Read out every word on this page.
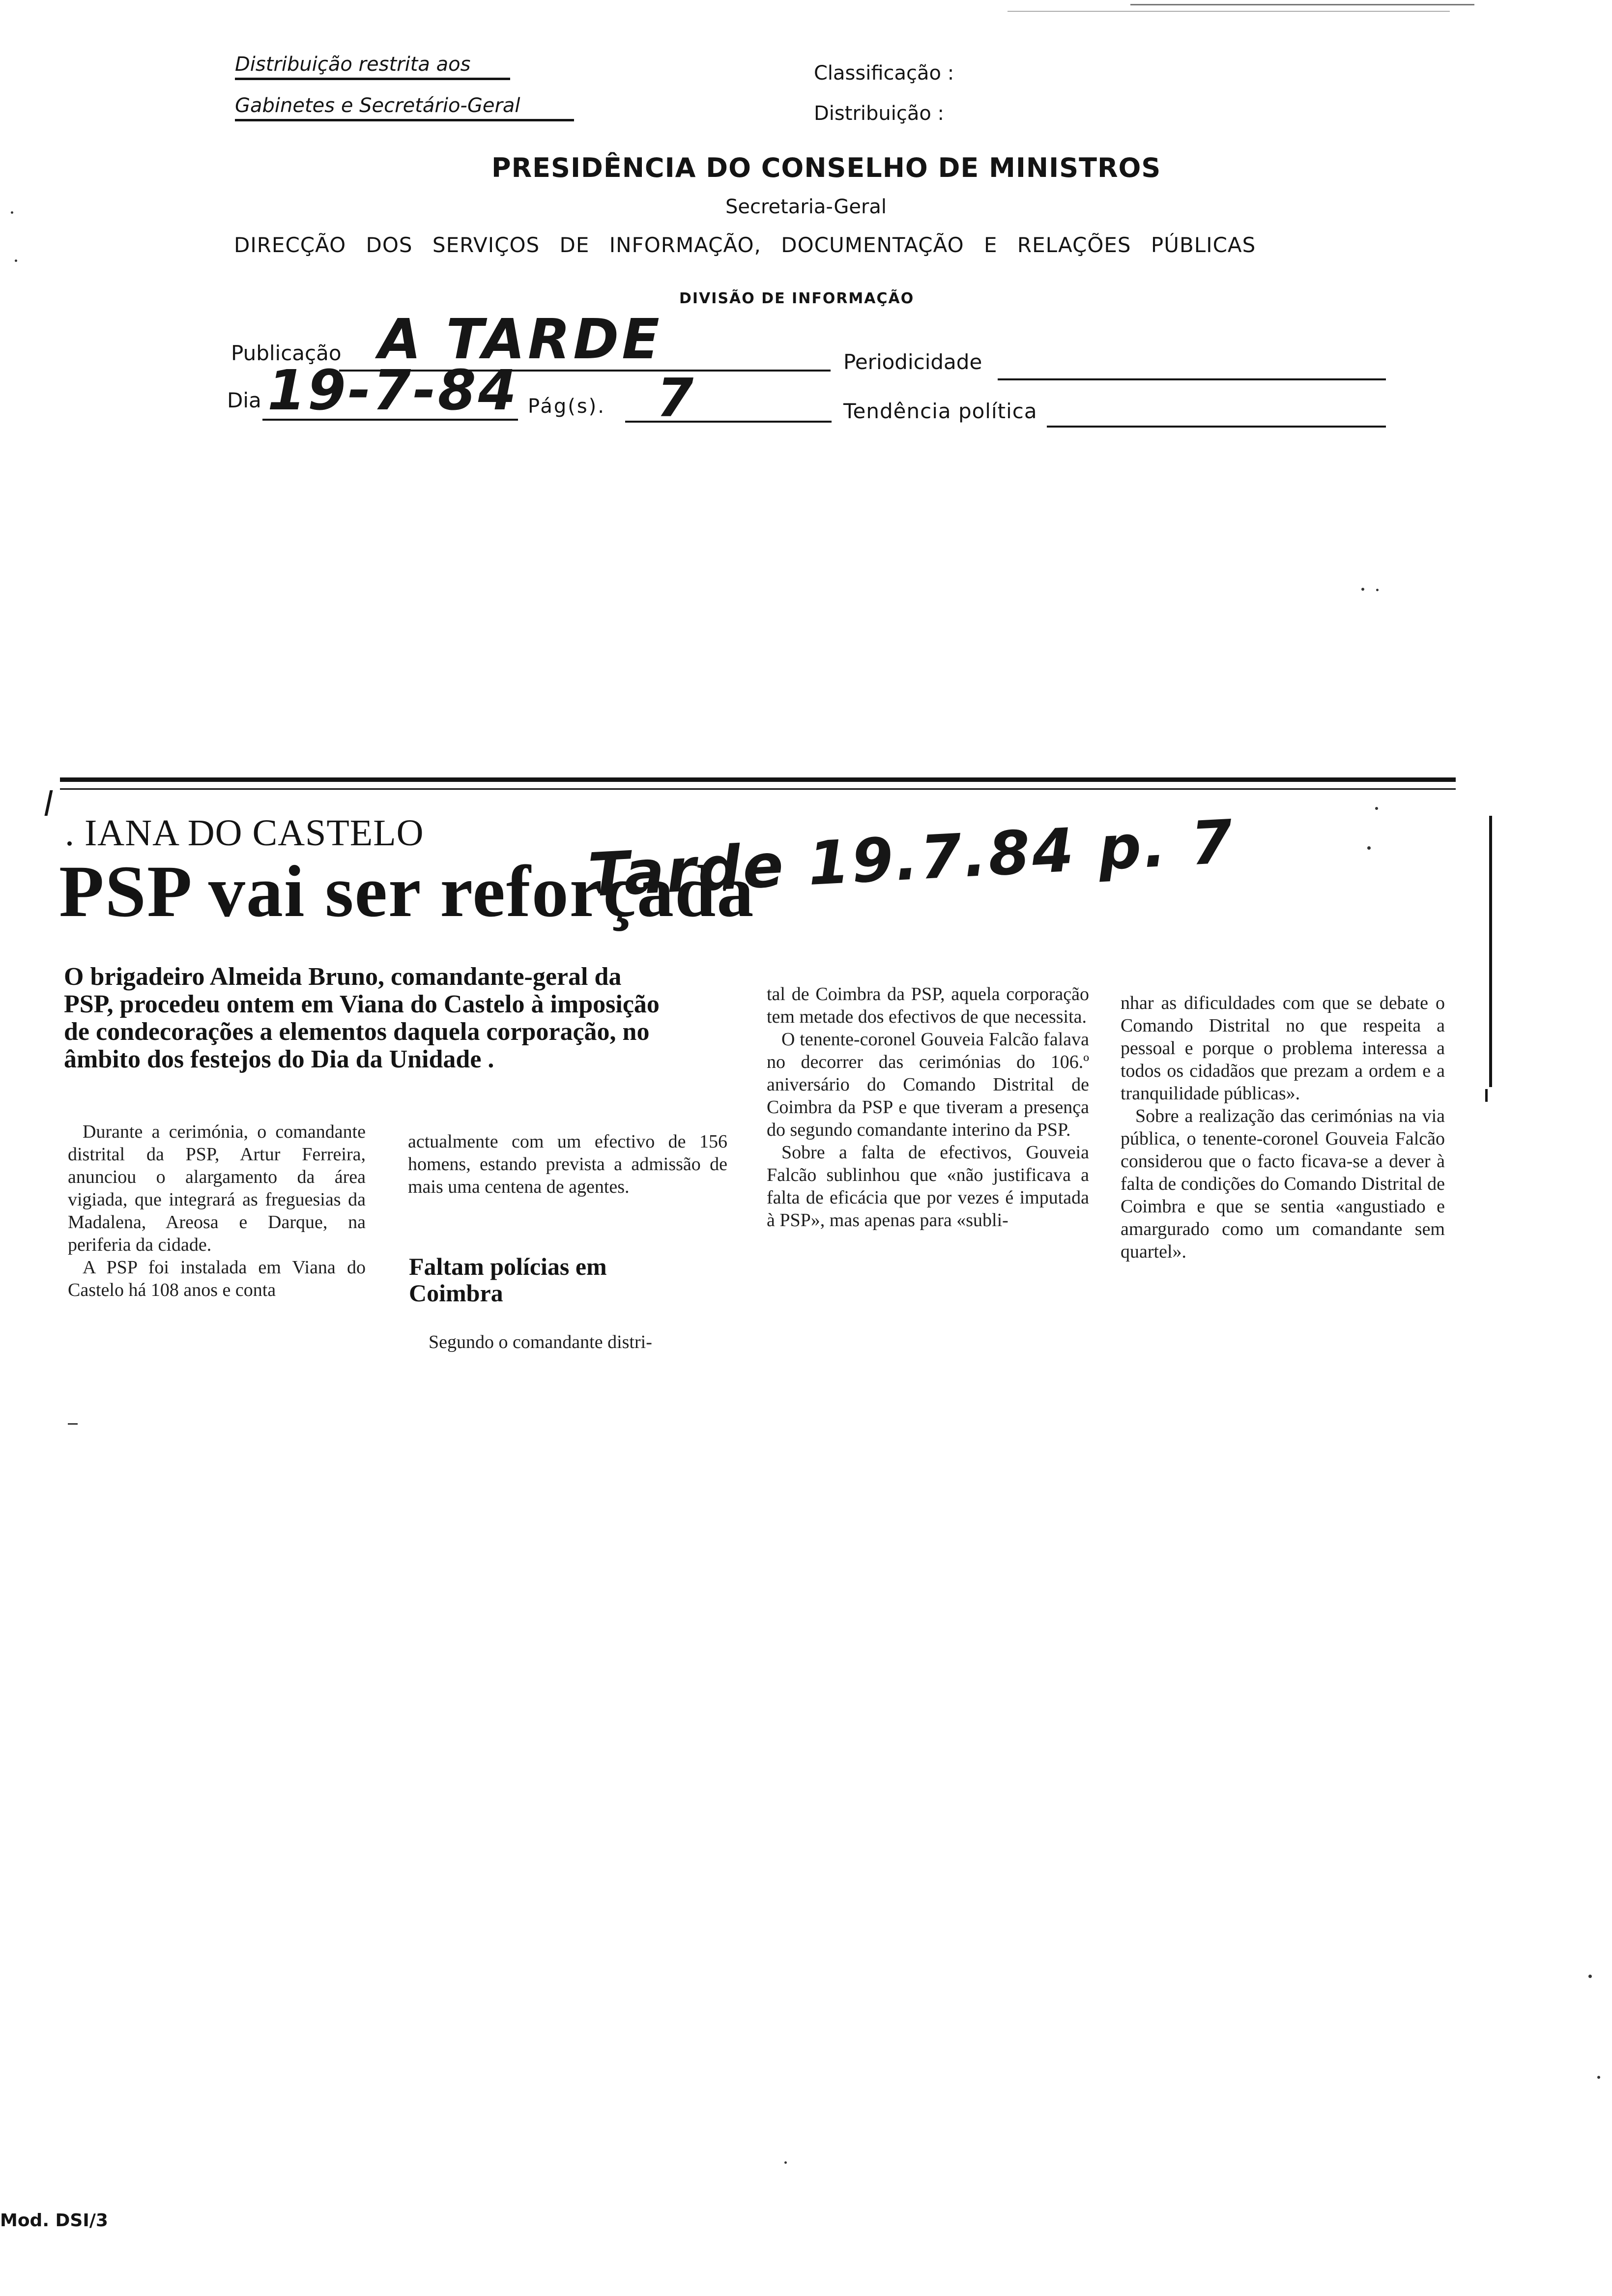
Distribuição restrita aos
Gabinetes e Secretário-Geral
Classificação :
Distribuição :
PRESIDÊNCIA DO CONSELHO DE MINISTROS
Secretaria-Geral
DIRECÇÃO DOS SERVIÇOS DE INFORMAÇÃO, DOCUMENTAÇÃO E RELAÇÕES PÚBLICAS
DIVISÃO DE INFORMAÇÃO
Publicação A TARDE	Periodicidade
Dia 19-7-84 Pág(s). 7	Tendência política
. IANA DO CASTELO
PSP vai ser reforçada
Tarde 19.7.84 p. 7
O brigadeiro Almeida Bruno, comandante-geral da PSP, procedeu ontem em Viana do Castelo à imposição de condecorações a elementos daquela corporação, no âmbito dos festejos do Dia da Unidade .

Durante a cerimónia, o comandante distrital da PSP, Artur Ferreira, anunciou o alargamento da área vigiada, que integrará as freguesias da Madalena, Areosa e Darque, na periferia da cidade.

A PSP foi instalada em Viana do Castelo há 108 anos e conta

actualmente com um efectivo de 156 homens, estando prevista a admissão de mais uma centena de agentes.

Faltam polícias em Coimbra

Segundo o comandante distri-

tal de Coimbra da PSP, aquela corporação tem metade dos efectivos de que necessita.

O tenente-coronel Gouveia Falcão falava no decorrer das cerimónias do 106.º aniversário do Comando Distrital de Coimbra da PSP e que tiveram a presença do segundo comandante interino da PSP.

Sobre a falta de efectivos, Gouveia Falcão sublinhou que «não justificava a falta de eficácia que por vezes é imputada à PSP», mas apenas para «subli-

nhar as dificuldades com que se debate o Comando Distrital no que respeita a pessoal e porque o problema interessa a todos os cidadãos que prezam a ordem e a tranquilidade públicas».

Sobre a realização das cerimónias na via pública, o tenente-coronel Gouveia Falcão considerou que o facto ficava-se a dever à falta de condições do Comando Distrital de Coimbra e que se sentia «angustiado e amargurado como um comandante sem quartel».

Mod. DSI/3
